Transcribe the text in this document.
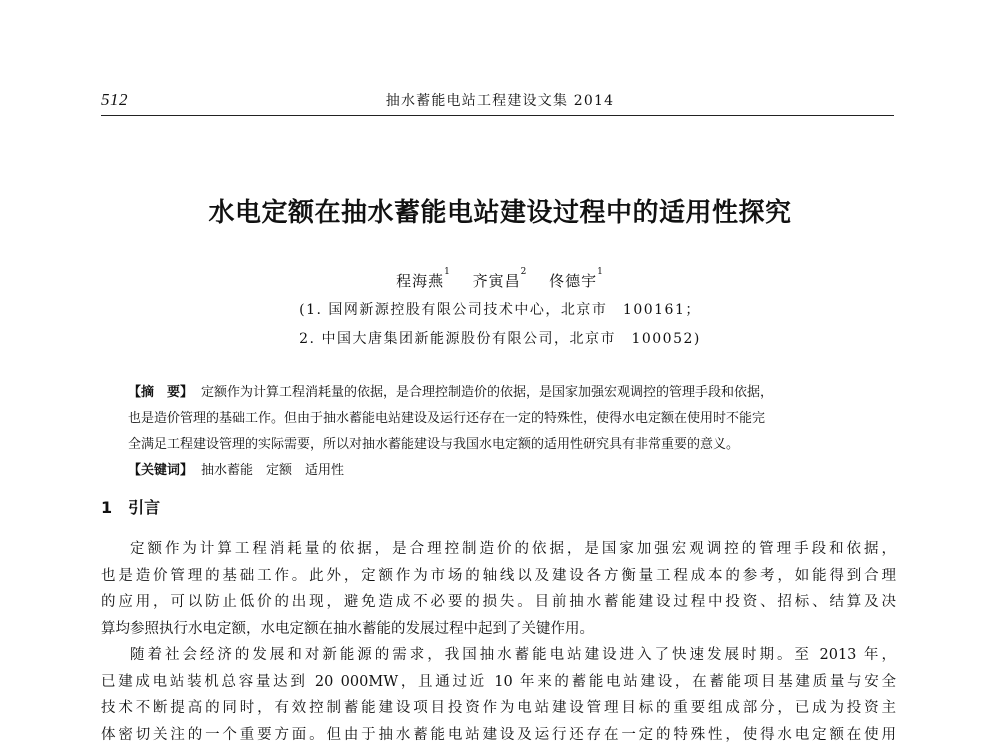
512	抽水蓄能电站工程建设文集 2014
水电定额在抽水蓄能电站建设过程中的适用性探究
程海燕$^1$ 齐寅昌$^2$ 佟德宇$^1$
(1. 国网新源控股有限公司技术中心，北京市　100161；
2. 中国大唐集团新能源股份有限公司，北京市　100052)
【摘　要】 定额作为计算工程消耗量的依据，是合理控制造价的依据，是国家加强宏观调控的管理手段和依据，
也是造价管理的基础工作。但由于抽水蓄能电站建设及运行还存在一定的特殊性，使得水电定额在使用时不能完
全满足工程建设管理的实际需要，所以对抽水蓄能建设与我国水电定额的适用性研究具有非常重要的意义。
【关键词】 抽水蓄能　定额　适用性
1 引言
定额作为计算工程消耗量的依据，是合理控制造价的依据，是国家加强宏观调控的管理手段和依据，
也是造价管理的基础工作。此外，定额作为市场的轴线以及建设各方衡量工程成本的参考，如能得到合理
的应用，可以防止低价的出现，避免造成不必要的损失。目前抽水蓄能建设过程中投资、招标、结算及决
算均参照执行水电定额，水电定额在抽水蓄能的发展过程中起到了关键作用。
随着社会经济的发展和对新能源的需求，我国抽水蓄能电站建设进入了快速发展时期。至 2013 年，
已建成电站装机总容量达到 20 000MW，且通过近 10 年来的蓄能电站建设，在蓄能项目基建质量与安全
技术不断提高的同时，有效控制蓄能建设项目投资作为电站建设管理目标的重要组成部分，已成为投资主
体密切关注的一个重要方面。但由于抽水蓄能电站建设及运行还存在一定的特殊性，使得水电定额在使用
